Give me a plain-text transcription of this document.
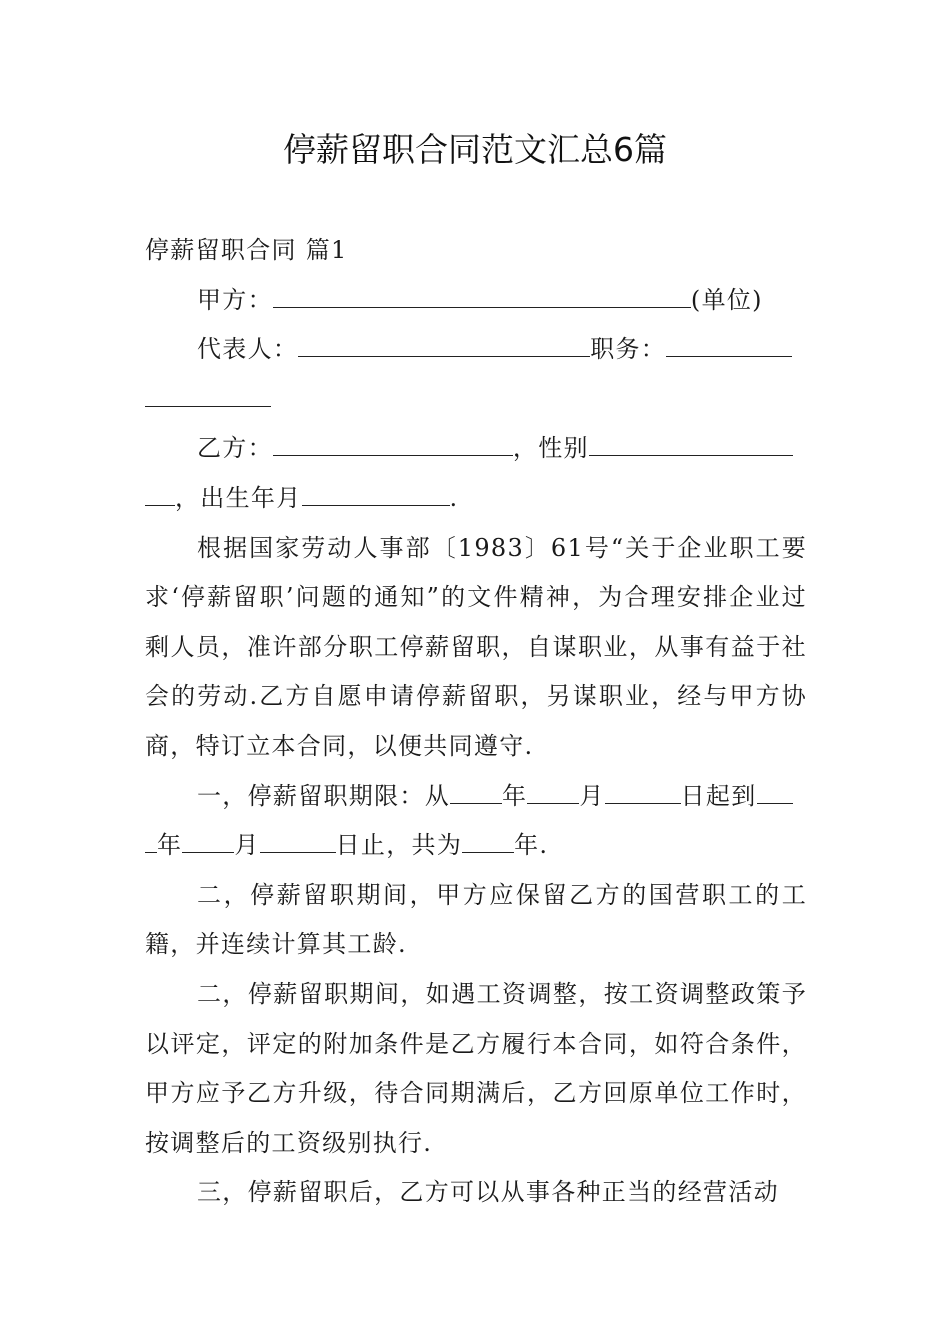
停薪留职合同范文汇总6篇

停薪留职合同 篇1

甲方：	(单位)
代表人：	职务：
乙方：	，性别
，出生年月	.

根据国家劳动人事部〔1983〕61号“关于企业职工要求‘停薪留职’问题的通知”的文件精神，为合理安排企业过剩人员，准许部分职工停薪留职，自谋职业，从事有益于社会的劳动.乙方自愿申请停薪留职，另谋职业，经与甲方协商，特订立本合同，以便共同遵守.

一，停薪留职期限：从 年 月	日起到
年 月	日止，共为 年.

二，停薪留职期间，甲方应保留乙方的国营职工的工籍，并连续计算其工龄.

二，停薪留职期间，如遇工资调整，按工资调整政策予以评定，评定的附加条件是乙方履行本合同，如符合条件，甲方应予乙方升级，待合同期满后，乙方回原单位工作时，按调整后的工资级别执行.

三，停薪留职后，乙方可以从事各种正当的经营活动
